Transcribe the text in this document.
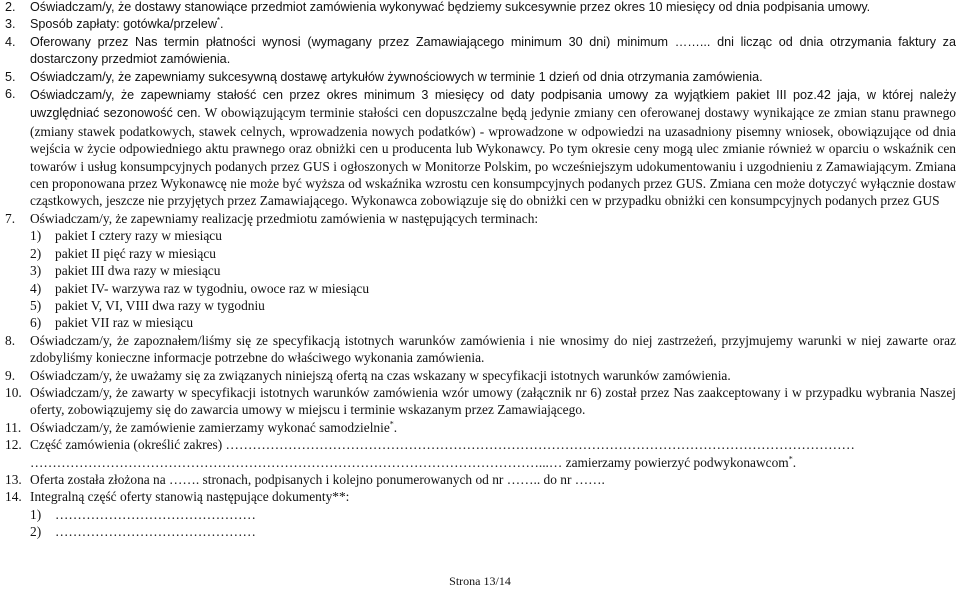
2.	Oświadczam/y, że dostawy stanowiące przedmiot zamówienia wykonywać będziemy sukcesywnie przez okres 10 miesięcy od dnia podpisania umowy.
3.	Sposób zapłaty: gotówka/przelew*.
4.	Oferowany przez Nas termin płatności wynosi (wymagany przez Zamawiającego minimum 30 dni) minimum ……... dni licząc od dnia otrzymania faktury za dostarczony przedmiot zamówienia.
5.	Oświadczam/y, że zapewniamy sukcesywną dostawę artykułów żywnościowych w terminie 1 dzień od dnia otrzymania zamówienia.
6.	Oświadczam/y, że zapewniamy stałość cen przez okres minimum 3 miesięcy od daty podpisania umowy za wyjątkiem pakiet III poz.42 jaja, w której należy uwzględniać sezonowość cen. W obowiązującym terminie stałości cen dopuszczalne będą jedynie zmiany cen oferowanej dostawy wynikające ze zmian stanu prawnego (zmiany stawek podatkowych, stawek celnych, wprowadzenia nowych podatków) - wprowadzone w odpowiedzi na uzasadniony pisemny wniosek, obowiązujące od dnia wejścia w życie odpowiedniego aktu prawnego oraz obniżki cen u producenta lub Wykonawcy. Po tym okresie ceny mogą ulec zmianie również w oparciu o wskaźnik cen towarów i usług konsumpcyjnych podanych przez GUS i ogłoszonych w Monitorze Polskim, po wcześniejszym udokumentowaniu i uzgodnieniu z Zamawiającym. Zmiana cen proponowana przez Wykonawcę nie może być wyższa od wskaźnika wzrostu cen konsumpcyjnych podanych przez GUS. Zmiana cen może dotyczyć wyłącznie dostaw cząstkowych, jeszcze nie przyjętych przez Zamawiającego. Wykonawca zobowiązuje się do obniżki cen w przypadku obniżki cen konsumpcyjnych podanych przez GUS
7.	Oświadczam/y, że zapewniamy realizację przedmiotu zamówienia w następujących terminach:
1)	pakiet I cztery razy w miesiącu
2)	pakiet II pięć razy w miesiącu
3)	pakiet III dwa razy w miesiącu
4)	pakiet IV- warzywa raz w tygodniu, owoce raz w miesiącu
5)	pakiet V, VI, VIII dwa razy w tygodniu
6)	pakiet VII raz w miesiącu
8.	Oświadczam/y, że zapoznałem/liśmy się ze specyfikacją istotnych warunków zamówienia i nie wnosimy do niej zastrzeżeń, przyjmujemy warunki w niej zawarte oraz zdobyliśmy konieczne informacje potrzebne do właściwego wykonania zamówienia.
9.	Oświadczam/y, że uważamy się za związanych niniejszą ofertą na czas wskazany w specyfikacji istotnych warunków zamówienia.
10. Oświadczam/y, że zawarty w specyfikacji istotnych warunków zamówienia wzór umowy (załącznik nr 6) został przez Nas zaakceptowany i w przypadku wybrania Naszej oferty, zobowiązujemy się do zawarcia umowy w miejscu i terminie wskazanym przez Zamawiającego.
11. Oświadczam/y, że zamówienie zamierzamy wykonać samodzielnie*.
12. Część zamówienia (określić zakres) ……………………………………………………………………………………………………………………………
……………………………………………………………………………………………………...… zamierzamy powierzyć podwykonawcom*.
13. Oferta została złożona na ……. stronach, podpisanych i kolejno ponumerowanych od nr …….. do nr …….
14. Integralną część oferty stanowią następujące dokumenty**:
1)	………………………………………
2)	………………………………………
Strona 13/14
